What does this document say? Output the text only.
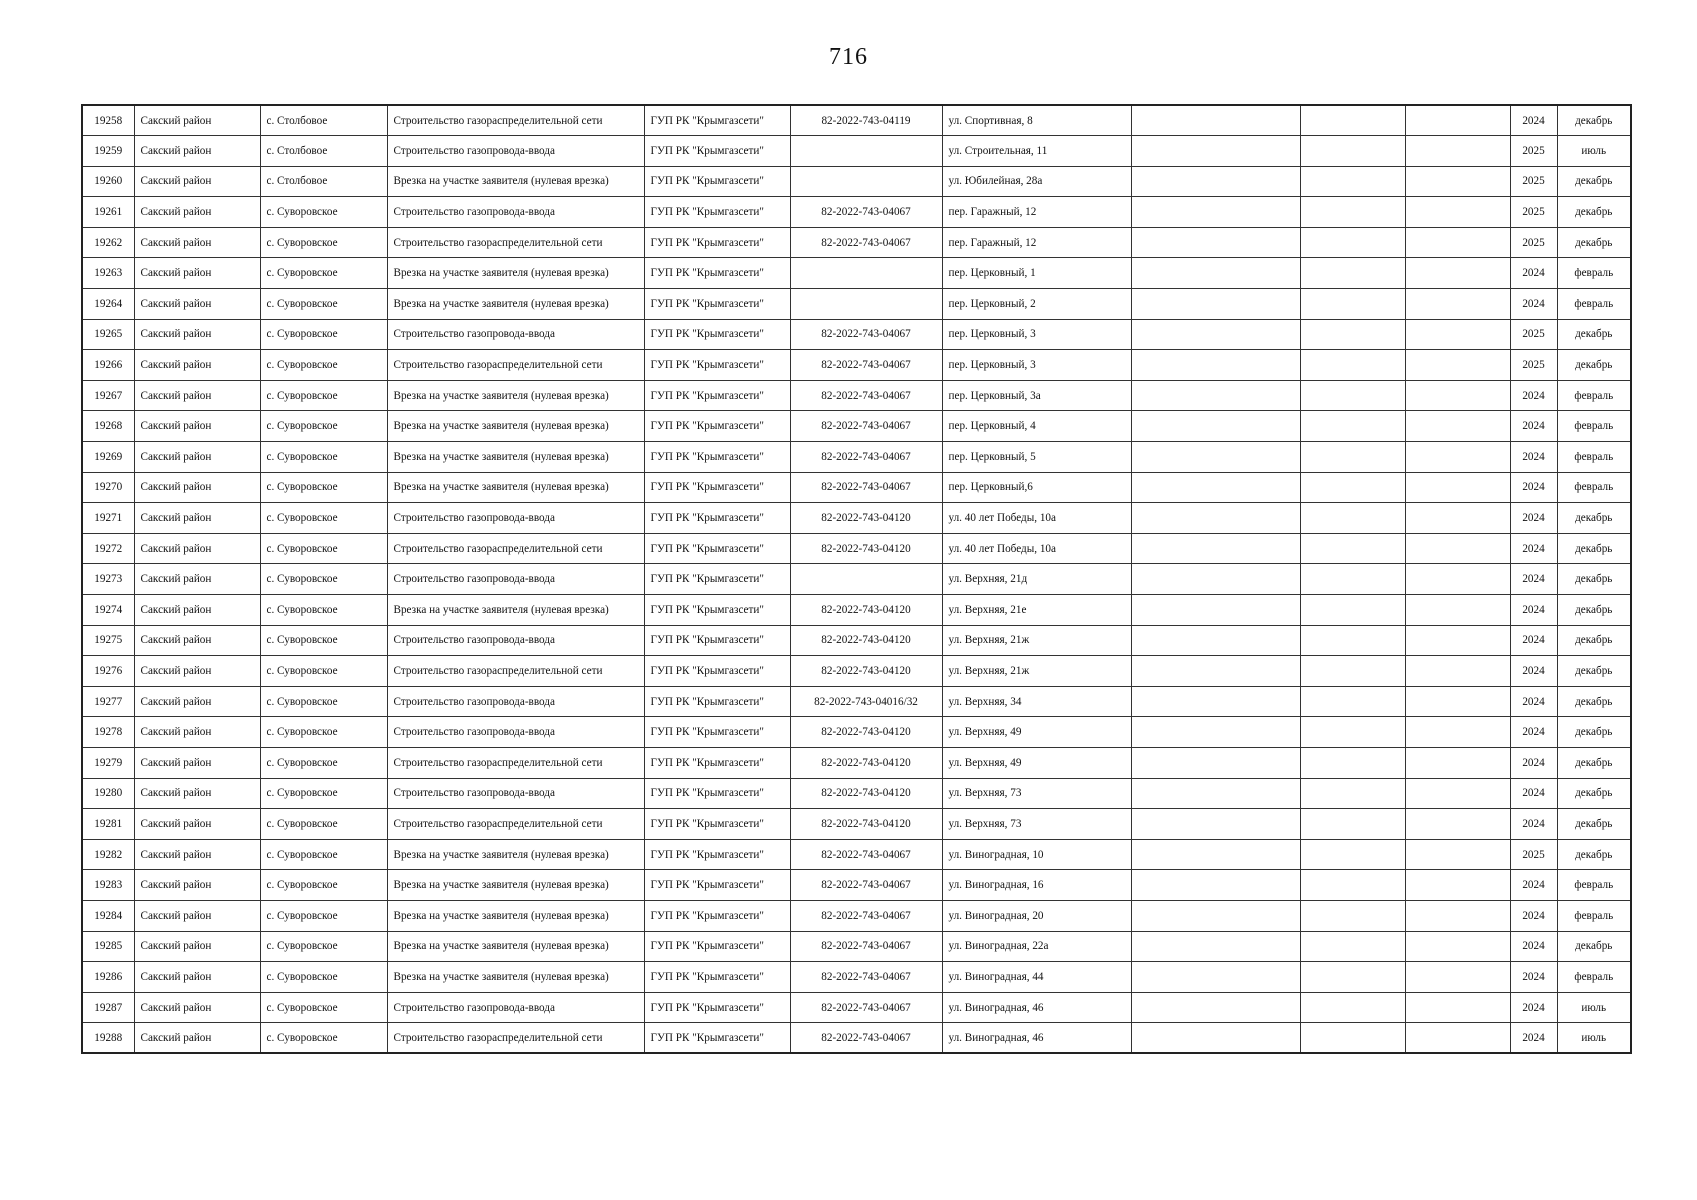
716
19258	Сакский район	с. Столбовое	Строительство газораспределительной сети	ГУП РК "Крымгазсети"	82-2022-743-04119	ул. Спортивная, 8				2024	декабрь
19259	Сакский район	с. Столбовое	Строительство газопровода-ввода	ГУП РК "Крымгазсети"		ул. Строительная, 11				2025	июль
19260	Сакский район	с. Столбовое	Врезка на участке заявителя (нулевая врезка)	ГУП РК "Крымгазсети"		ул. Юбилейная, 28а				2025	декабрь
19261	Сакский район	с. Суворовское	Строительство газопровода-ввода	ГУП РК "Крымгазсети"	82-2022-743-04067	пер. Гаражный, 12				2025	декабрь
19262	Сакский район	с. Суворовское	Строительство газораспределительной сети	ГУП РК "Крымгазсети"	82-2022-743-04067	пер. Гаражный, 12				2025	декабрь
19263	Сакский район	с. Суворовское	Врезка на участке заявителя (нулевая врезка)	ГУП РК "Крымгазсети"		пер. Церковный, 1				2024	февраль
19264	Сакский район	с. Суворовское	Врезка на участке заявителя (нулевая врезка)	ГУП РК "Крымгазсети"		пер. Церковный, 2				2024	февраль
19265	Сакский район	с. Суворовское	Строительство газопровода-ввода	ГУП РК "Крымгазсети"	82-2022-743-04067	пер. Церковный, 3				2025	декабрь
19266	Сакский район	с. Суворовское	Строительство газораспределительной сети	ГУП РК "Крымгазсети"	82-2022-743-04067	пер. Церковный, 3				2025	декабрь
19267	Сакский район	с. Суворовское	Врезка на участке заявителя (нулевая врезка)	ГУП РК "Крымгазсети"	82-2022-743-04067	пер. Церковный, 3а				2024	февраль
19268	Сакский район	с. Суворовское	Врезка на участке заявителя (нулевая врезка)	ГУП РК "Крымгазсети"	82-2022-743-04067	пер. Церковный, 4				2024	февраль
19269	Сакский район	с. Суворовское	Врезка на участке заявителя (нулевая врезка)	ГУП РК "Крымгазсети"	82-2022-743-04067	пер. Церковный, 5				2024	февраль
19270	Сакский район	с. Суворовское	Врезка на участке заявителя (нулевая врезка)	ГУП РК "Крымгазсети"	82-2022-743-04067	пер. Церковный,6				2024	февраль
19271	Сакский район	с. Суворовское	Строительство газопровода-ввода	ГУП РК "Крымгазсети"	82-2022-743-04120	ул. 40 лет Победы, 10а				2024	декабрь
19272	Сакский район	с. Суворовское	Строительство газораспределительной сети	ГУП РК "Крымгазсети"	82-2022-743-04120	ул. 40 лет Победы, 10а				2024	декабрь
19273	Сакский район	с. Суворовское	Строительство газопровода-ввода	ГУП РК "Крымгазсети"		ул. Верхняя, 21д				2024	декабрь
19274	Сакский район	с. Суворовское	Врезка на участке заявителя (нулевая врезка)	ГУП РК "Крымгазсети"	82-2022-743-04120	ул. Верхняя, 21е				2024	декабрь
19275	Сакский район	с. Суворовское	Строительство газопровода-ввода	ГУП РК "Крымгазсети"	82-2022-743-04120	ул. Верхняя, 21ж				2024	декабрь
19276	Сакский район	с. Суворовское	Строительство газораспределительной сети	ГУП РК "Крымгазсети"	82-2022-743-04120	ул. Верхняя, 21ж				2024	декабрь
19277	Сакский район	с. Суворовское	Строительство газопровода-ввода	ГУП РК "Крымгазсети"	82-2022-743-04016/32	ул. Верхняя, 34				2024	декабрь
19278	Сакский район	с. Суворовское	Строительство газопровода-ввода	ГУП РК "Крымгазсети"	82-2022-743-04120	ул. Верхняя, 49				2024	декабрь
19279	Сакский район	с. Суворовское	Строительство газораспределительной сети	ГУП РК "Крымгазсети"	82-2022-743-04120	ул. Верхняя, 49				2024	декабрь
19280	Сакский район	с. Суворовское	Строительство газопровода-ввода	ГУП РК "Крымгазсети"	82-2022-743-04120	ул. Верхняя, 73				2024	декабрь
19281	Сакский район	с. Суворовское	Строительство газораспределительной сети	ГУП РК "Крымгазсети"	82-2022-743-04120	ул. Верхняя, 73				2024	декабрь
19282	Сакский район	с. Суворовское	Врезка на участке заявителя (нулевая врезка)	ГУП РК "Крымгазсети"	82-2022-743-04067	ул. Виноградная, 10				2025	декабрь
19283	Сакский район	с. Суворовское	Врезка на участке заявителя (нулевая врезка)	ГУП РК "Крымгазсети"	82-2022-743-04067	ул. Виноградная, 16				2024	февраль
19284	Сакский район	с. Суворовское	Врезка на участке заявителя (нулевая врезка)	ГУП РК "Крымгазсети"	82-2022-743-04067	ул. Виноградная, 20				2024	февраль
19285	Сакский район	с. Суворовское	Врезка на участке заявителя (нулевая врезка)	ГУП РК "Крымгазсети"	82-2022-743-04067	ул. Виноградная, 22а				2024	декабрь
19286	Сакский район	с. Суворовское	Врезка на участке заявителя (нулевая врезка)	ГУП РК "Крымгазсети"	82-2022-743-04067	ул. Виноградная, 44				2024	февраль
19287	Сакский район	с. Суворовское	Строительство газопровода-ввода	ГУП РК "Крымгазсети"	82-2022-743-04067	ул. Виноградная, 46				2024	июль
19288	Сакский район	с. Суворовское	Строительство газораспределительной сети	ГУП РК "Крымгазсети"	82-2022-743-04067	ул. Виноградная, 46				2024	июль
